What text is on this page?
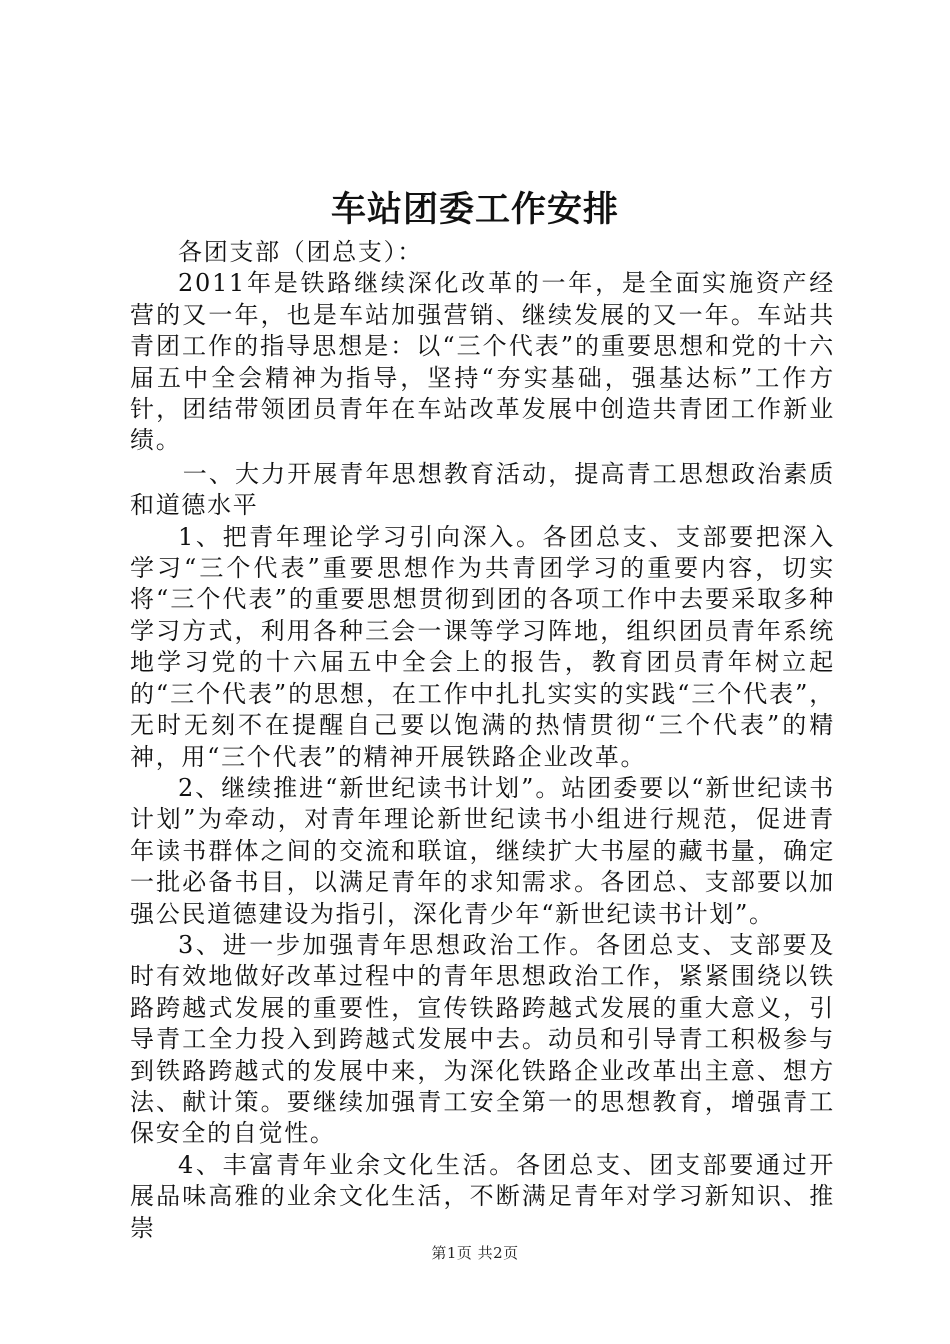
车站团委工作安排

各团支部（团总支）：

2011年是铁路继续深化改革的一年，是全面实施资产经营的又一年，也是车站加强营销、继续发展的又一年。车站共青团工作的指导思想是：以“三个代表”的重要思想和党的十六届五中全会精神为指导，坚持“夯实基础，强基达标”工作方针，团结带领团员青年在车站改革发展中创造共青团工作新业绩。

一、大力开展青年思想教育活动，提高青工思想政治素质和道德水平

1、把青年理论学习引向深入。各团总支、支部要把深入学习“三个代表”重要思想作为共青团学习的重要内容，切实将“三个代表”的重要思想贯彻到团的各项工作中去要采取多种学习方式，利用各种三会一课等学习阵地，组织团员青年系统地学习党的十六届五中全会上的报告，教育团员青年树立起的“三个代表”的思想，在工作中扎扎实实的实践“三个代表”，无时无刻不在提醒自己要以饱满的热情贯彻“三个代表”的精神，用“三个代表”的精神开展铁路企业改革。

2、继续推进“新世纪读书计划”。站团委要以“新世纪读书计划”为牵动，对青年理论新世纪读书小组进行规范，促进青年读书群体之间的交流和联谊，继续扩大书屋的藏书量，确定一批必备书目，以满足青年的求知需求。各团总、支部要以加强公民道德建设为指引，深化青少年“新世纪读书计划”。

3、进一步加强青年思想政治工作。各团总支、支部要及时有效地做好改革过程中的青年思想政治工作，紧紧围绕以铁路跨越式发展的重要性，宣传铁路跨越式发展的重大意义，引导青工全力投入到跨越式发展中去。动员和引导青工积极参与到铁路跨越式的发展中来，为深化铁路企业改革出主意、想方法、献计策。要继续加强青工安全第一的思想教育，增强青工保安全的自觉性。

4、丰富青年业余文化生活。各团总支、团支部要通过开展品味高雅的业余文化生活，不断满足青年对学习新知识、推崇

第1页 共2页
